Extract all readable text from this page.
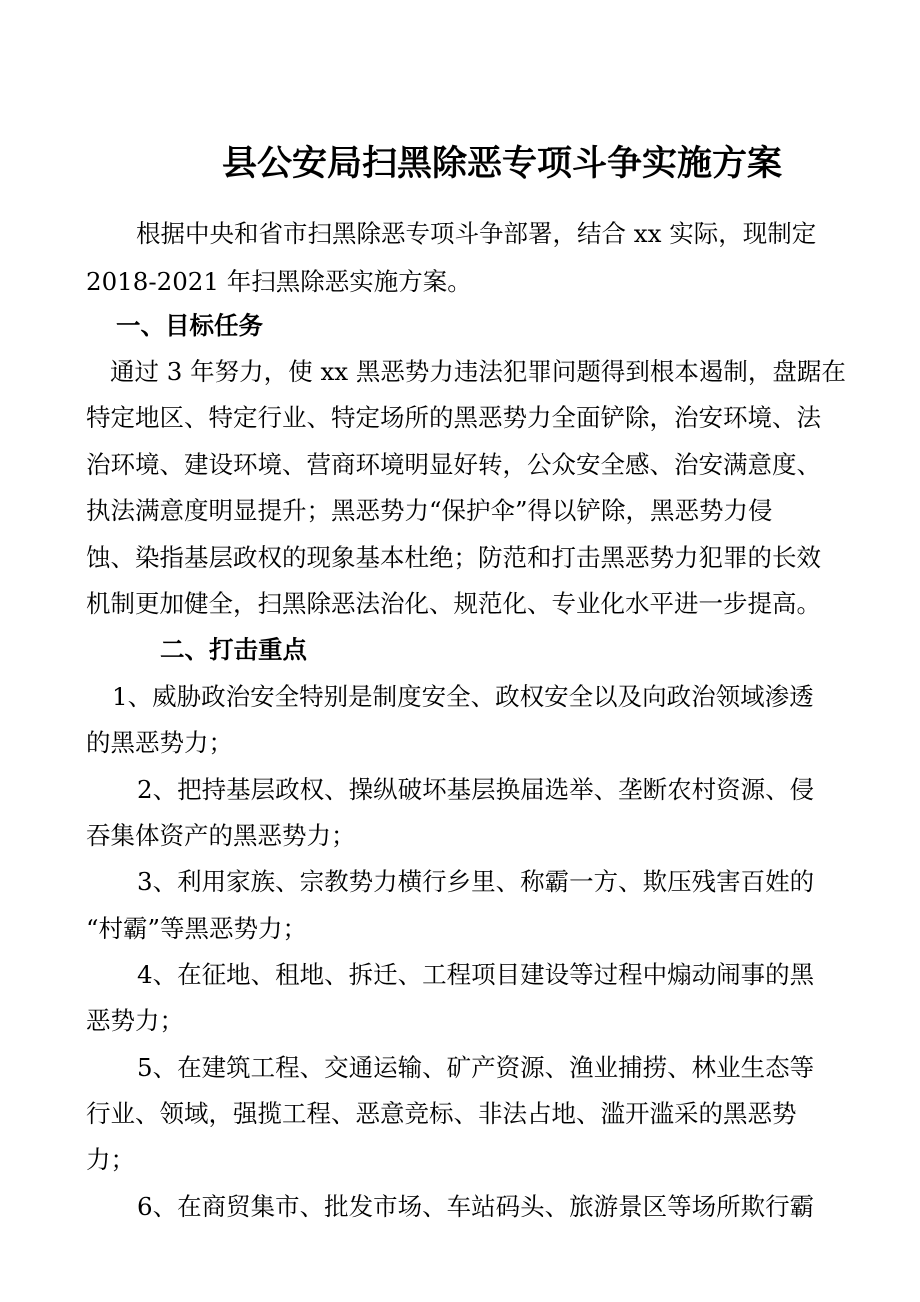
县公安局扫黑除恶专项斗争实施方案
根据中央和省市扫黑除恶专项斗争部署，结合 xx 实际，现制定
2018-2021 年扫黑除恶实施方案。
一、目标任务
通过 3 年努力，使 xx 黑恶势力违法犯罪问题得到根本遏制，盘踞在
特定地区、特定行业、特定场所的黑恶势力全面铲除，治安环境、法
治环境、建设环境、营商环境明显好转，公众安全感、治安满意度、
执法满意度明显提升；黑恶势力“保护伞”得以铲除，黑恶势力侵
蚀、染指基层政权的现象基本杜绝；防范和打击黑恶势力犯罪的长效
机制更加健全，扫黑除恶法治化、规范化、专业化水平进一步提高。
二、打击重点
1、威胁政治安全特别是制度安全、政权安全以及向政治领域渗透
的黑恶势力；
2、把持基层政权、操纵破坏基层换届选举、垄断农村资源、侵
吞集体资产的黑恶势力；
3、利用家族、宗教势力横行乡里、称霸一方、欺压残害百姓的
“村霸”等黑恶势力；
4、在征地、租地、拆迁、工程项目建设等过程中煽动闹事的黑
恶势力；
5、在建筑工程、交通运输、矿产资源、渔业捕捞、林业生态等
行业、领域，强揽工程、恶意竞标、非法占地、滥开滥采的黑恶势
力；
6、在商贸集市、批发市场、车站码头、旅游景区等场所欺行霸
